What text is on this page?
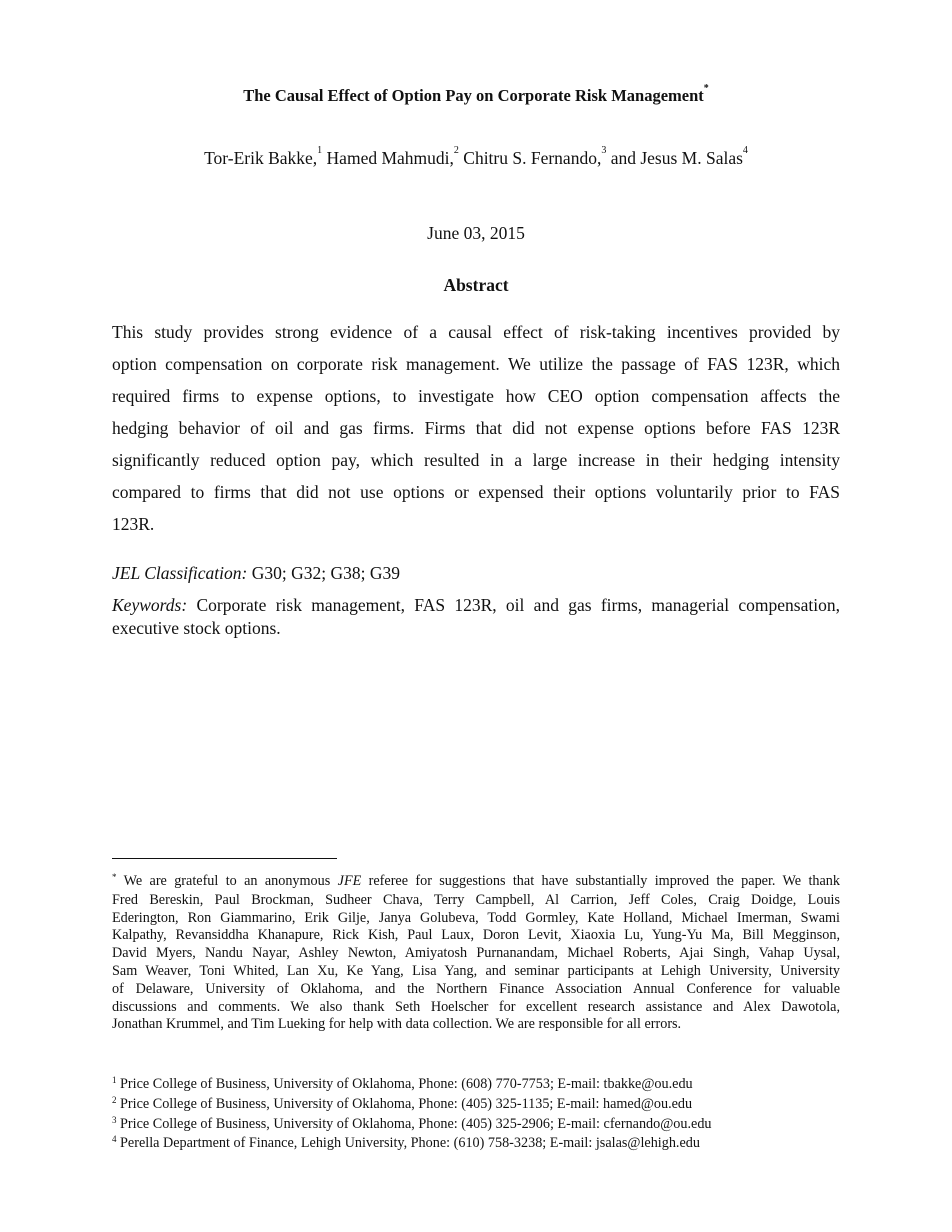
The Causal Effect of Option Pay on Corporate Risk Management*
Tor-Erik Bakke,$^1$ Hamed Mahmudi,$^2$ Chitru S. Fernando,$^3$ and Jesus M. Salas$^4$
June 03, 2015
Abstract
This study provides strong evidence of a causal effect of risk-taking incentives provided by
option compensation on corporate risk management. We utilize the passage of FAS 123R, which
required firms to expense options, to investigate how CEO option compensation affects the
hedging behavior of oil and gas firms. Firms that did not expense options before FAS 123R
significantly reduced option pay, which resulted in a large increase in their hedging intensity
compared to firms that did not use options or expensed their options voluntarily prior to FAS
123R.
JEL Classification: G30; G32; G38; G39
Keywords: Corporate risk management, FAS 123R, oil and gas firms, managerial compensation,
executive stock options.
* We are grateful to an anonymous JFE referee for suggestions that have substantially improved the paper. We thank
Fred Bereskin, Paul Brockman, Sudheer Chava, Terry Campbell, Al Carrion, Jeff Coles, Craig Doidge, Louis
Ederington, Ron Giammarino, Erik Gilje, Janya Golubeva, Todd Gormley, Kate Holland, Michael Imerman, Swami
Kalpathy, Revansiddha Khanapure, Rick Kish, Paul Laux, Doron Levit, Xiaoxia Lu, Yung-Yu Ma, Bill Megginson,
David Myers, Nandu Nayar, Ashley Newton, Amiyatosh Purnanandam, Michael Roberts, Ajai Singh, Vahap Uysal,
Sam Weaver, Toni Whited, Lan Xu, Ke Yang, Lisa Yang, and seminar participants at Lehigh University, University
of Delaware, University of Oklahoma, and the Northern Finance Association Annual Conference for valuable
discussions and comments. We also thank Seth Hoelscher for excellent research assistance and Alex Dawotola,
Jonathan Krummel, and Tim Lueking for help with data collection. We are responsible for all errors.
$^1$ Price College of Business, University of Oklahoma, Phone: (608) 770-7753; E-mail: tbakke@ou.edu
$^2$ Price College of Business, University of Oklahoma, Phone: (405) 325-1135; E-mail: hamed@ou.edu
$^3$ Price College of Business, University of Oklahoma, Phone: (405) 325-2906; E-mail: cfernando@ou.edu
$^4$ Perella Department of Finance, Lehigh University, Phone: (610) 758-3238; E-mail: jsalas@lehigh.edu
